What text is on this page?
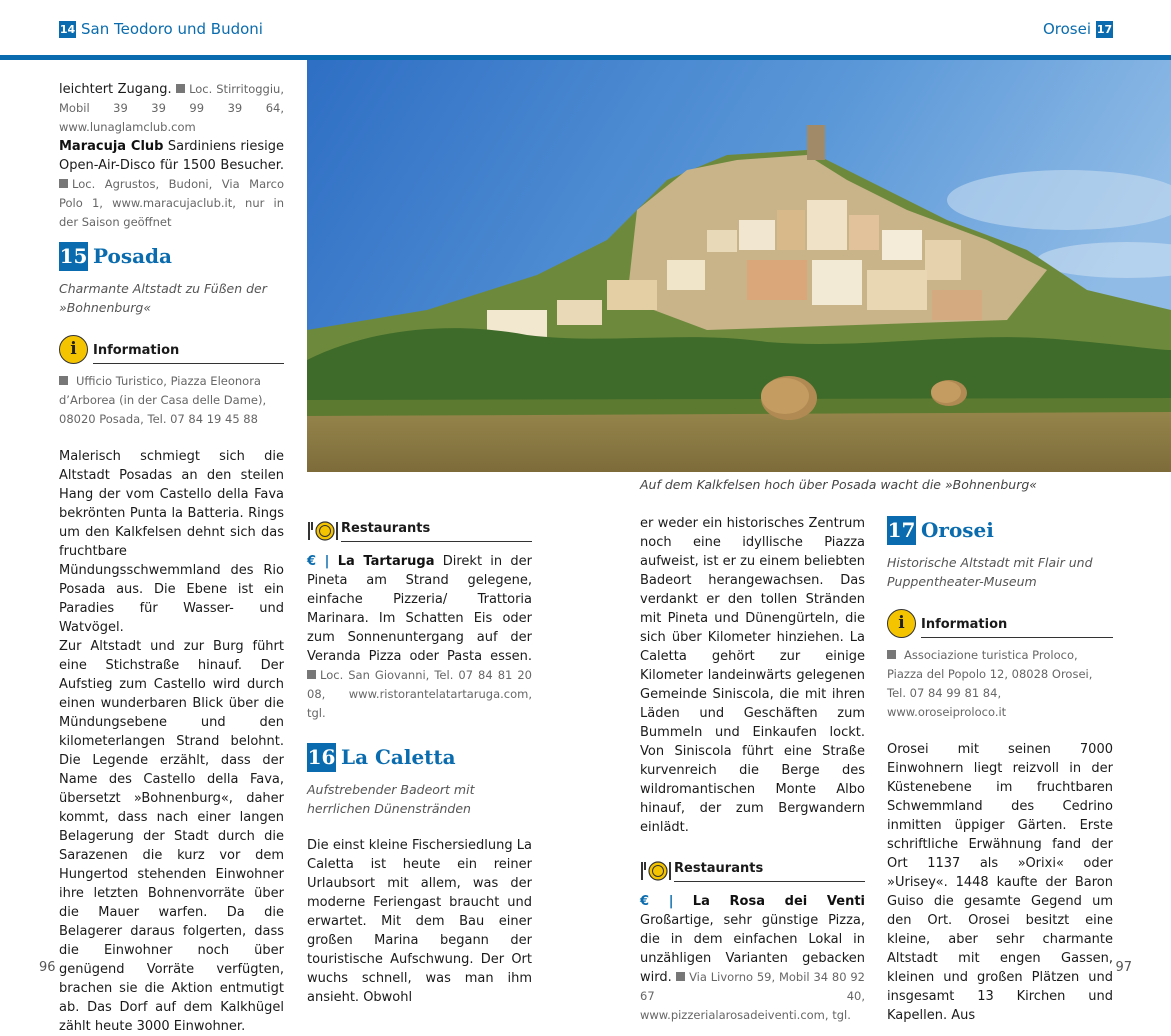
14 San Teodoro und Budoni	Orosei 17

leichtert Zugang. Loc. Stirritoggiu, Mobil 39 39 99 39 64, www.lunaglamclub.com

Maracuja Club Sardiniens riesige Open-Air-Disco für 1500 Besucher. Loc. Agrustos, Budoni, Via Marco Polo 1, www.maracujaclub.it, nur in der Saison geöffnet

15 Posada

Charmante Altstadt zu Füßen der »Bohnenburg«

i	Information

Ufficio Turistico, Piazza Eleonora d’Arborea (in der Casa delle Dame), 08020 Posada, Tel. 07 84 19 45 88

Malerisch schmiegt sich die Altstadt Posadas an den steilen Hang der vom Castello della Fava bekrönten Punta la Batteria. Rings um den Kalkfelsen dehnt sich das fruchtbare Mündungsschwemmland des Rio Posada aus. Die Ebene ist ein Paradies für Wasser- und Watvögel.

Zur Altstadt und zur Burg führt eine Stichstraße hinauf. Der Aufstieg zum Castello wird durch einen wunderbaren Blick über die Mündungsebene und den kilometerlangen Strand belohnt. Die Legende erzählt, dass der Name des Castello della Fava, übersetzt »Bohnenburg«, daher kommt, dass nach einer langen Belagerung der Stadt durch die Sarazenen die kurz vor dem Hungertod stehenden Einwohner ihre letzten Bohnenvorräte über die Mauer warfen. Da die Belagerer daraus folgerten, dass die Einwohner noch über genügend Vorräte verfügten, brachen sie die Aktion entmutigt ab. Das Dorf auf dem Kalkhügel zählt heute 3000 Einwohner.

Auf dem Kalkfelsen hoch über Posada wacht die »Bohnenburg«

Restaurants

€ | La Tartaruga Direkt in der Pineta am Strand gelegene, einfache Pizzeria/ Trattoria Marinara. Im Schatten Eis oder zum Sonnenuntergang auf der Veranda Pizza oder Pasta essen. Loc. San Giovanni, Tel. 07 84 81 20 08, www.ristorantelatartaruga.com, tgl.

16 La Caletta

Aufstrebender Badeort mit herrlichen Dünenstränden

Die einst kleine Fischersiedlung La Caletta ist heute ein reiner Urlaubsort mit allem, was der moderne Feriengast braucht und erwartet. Mit dem Bau einer großen Marina begann der touristische Aufschwung. Der Ort wuchs schnell, was man ihm ansieht. Obwohl

er weder ein historisches Zentrum noch eine idyllische Piazza aufweist, ist er zu einem beliebten Badeort herangewachsen. Das verdankt er den tollen Stränden mit Pineta und Dünengürteln, die sich über Kilometer hinziehen. La Caletta gehört zur einige Kilometer landeinwärts gelegenen Gemeinde Siniscola, die mit ihren Läden und Geschäften zum Bummeln und Einkaufen lockt. Von Siniscola führt eine Straße kurvenreich die Berge des wildromantischen Monte Albo hinauf, der zum Bergwandern einlädt.

Restaurants

€ | La Rosa dei Venti Großartige, sehr günstige Pizza, die in dem einfachen Lokal in unzähligen Varianten gebacken wird. Via Livorno 59, Mobil 34 80 92 67 40, www.pizzerialarosadeiventi.com, tgl.

17 Orosei

Historische Altstadt mit Flair und Puppentheater-Museum

i	Information

Associazione turistica Proloco, Piazza del Popolo 12, 08028 Orosei, Tel. 07 84 99 81 84, www.oroseiproloco.it

Orosei mit seinen 7000 Einwohnern liegt reizvoll in der Küstenebene im fruchtbaren Schwemmland des Cedrino inmitten üppiger Gärten. Erste schriftliche Erwähnung fand der Ort 1137 als »Orixi« oder »Urisey«. 1448 kaufte der Baron Guiso die gesamte Gegend um den Ort. Orosei besitzt eine kleine, aber sehr charmante Altstadt mit engen Gassen, kleinen und großen Plätzen und insgesamt 13 Kirchen und Kapellen. Aus

96	97
